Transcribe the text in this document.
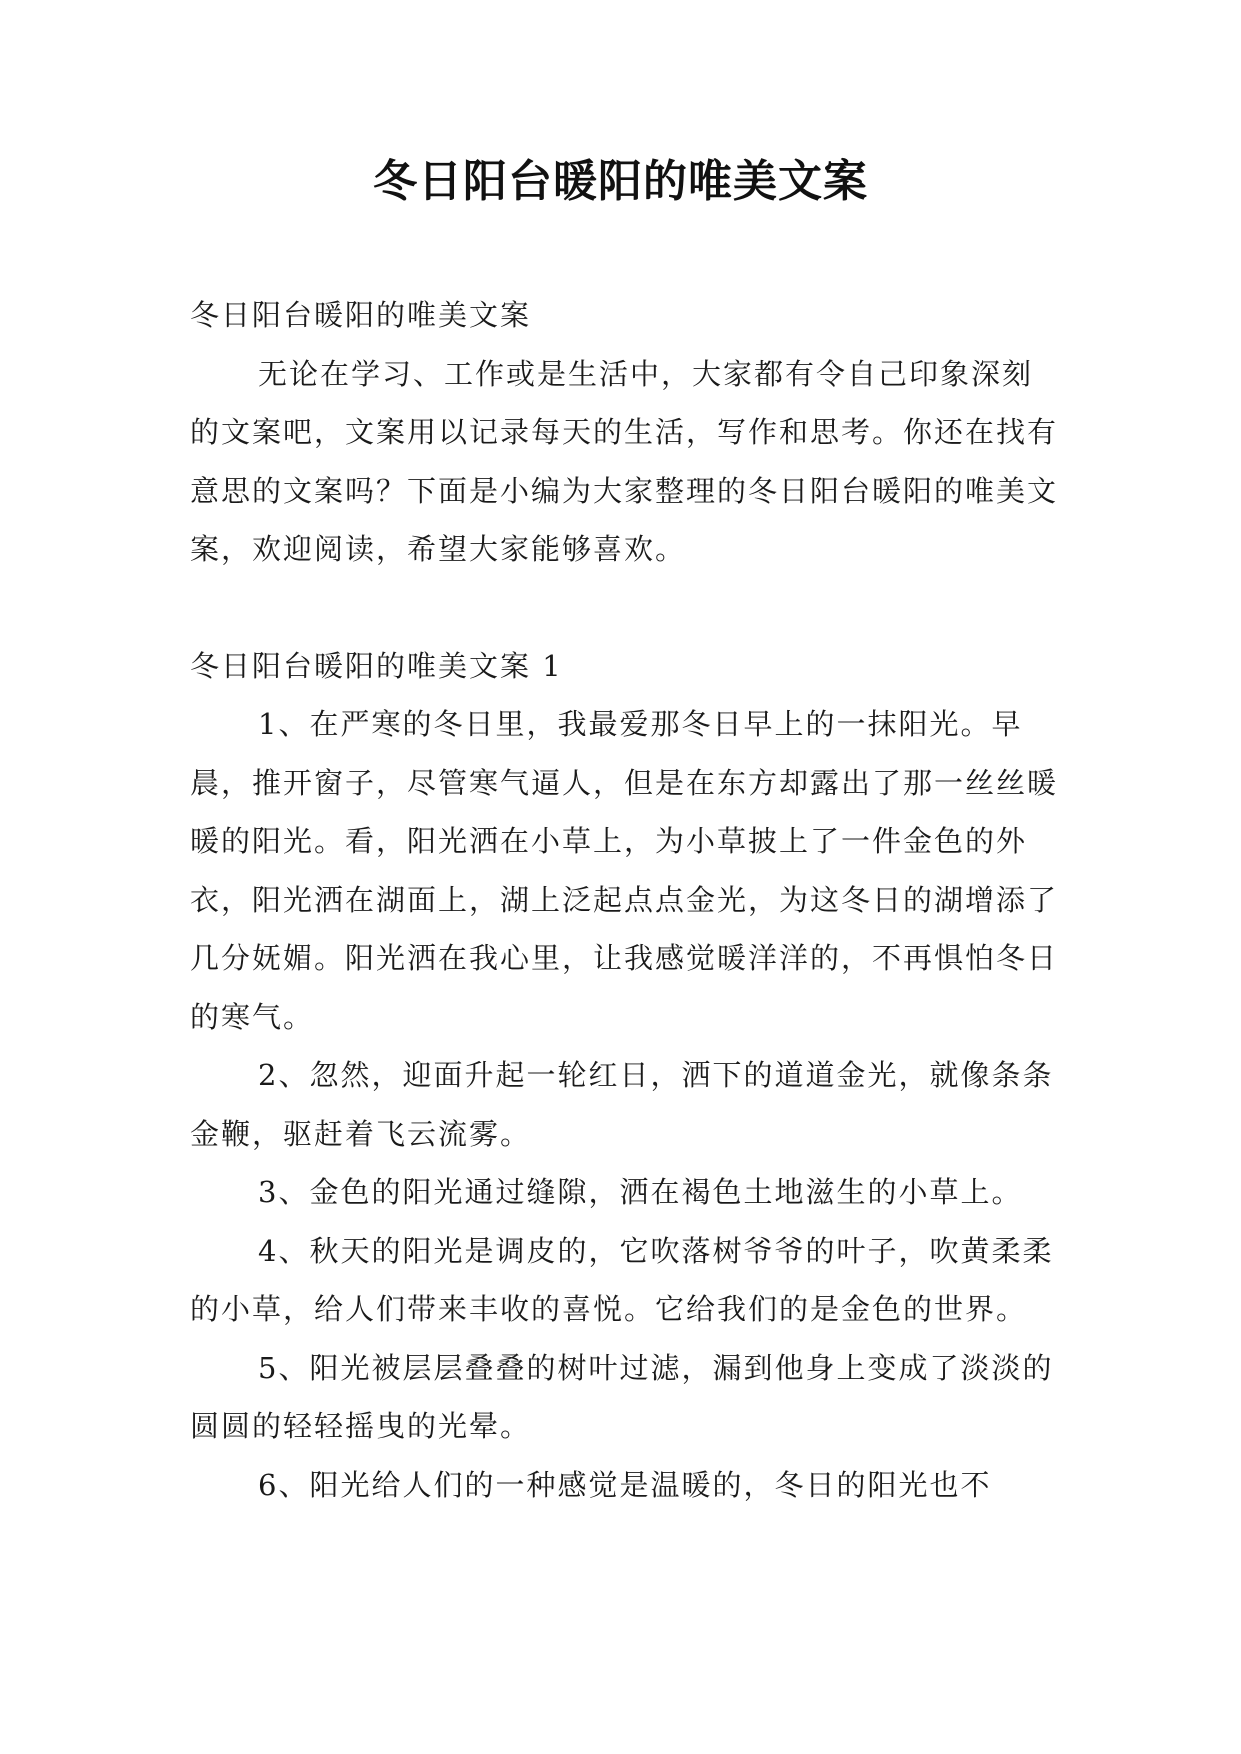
冬日阳台暖阳的唯美文案

冬日阳台暖阳的唯美文案

无论在学习、工作或是生活中，大家都有令自己印象深刻的文案吧，文案用以记录每天的生活，写作和思考。你还在找有意思的文案吗？下面是小编为大家整理的冬日阳台暖阳的唯美文案，欢迎阅读，希望大家能够喜欢。

冬日阳台暖阳的唯美文案 1

1、在严寒的冬日里，我最爱那冬日早上的一抹阳光。早晨，推开窗子，尽管寒气逼人，但是在东方却露出了那一丝丝暖暖的阳光。看，阳光洒在小草上，为小草披上了一件金色的外衣，阳光洒在湖面上，湖上泛起点点金光，为这冬日的湖增添了几分妩媚。阳光洒在我心里，让我感觉暖洋洋的，不再惧怕冬日的寒气。

2、忽然，迎面升起一轮红日，洒下的道道金光，就像条条金鞭，驱赶着飞云流雾。

3、金色的阳光通过缝隙，洒在褐色土地滋生的小草上。

4、秋天的阳光是调皮的，它吹落树爷爷的叶子，吹黄柔柔的小草，给人们带来丰收的喜悦。它给我们的是金色的世界。

5、阳光被层层叠叠的树叶过滤，漏到他身上变成了淡淡的圆圆的轻轻摇曳的光晕。

6、阳光给人们的一种感觉是温暖的，冬日的阳光也不
